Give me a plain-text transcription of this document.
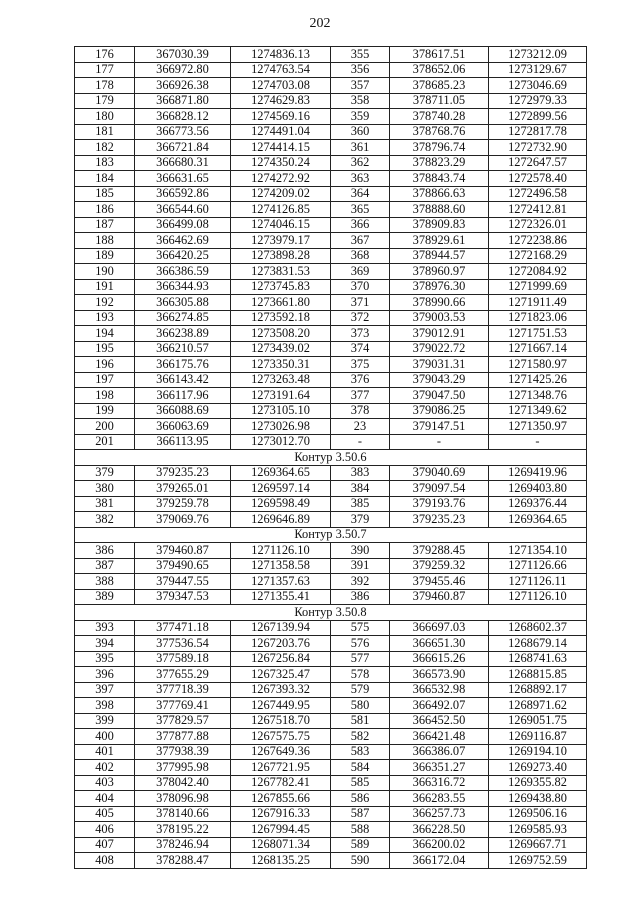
202
176	367030.39	1274836.13	355	378617.51	1273212.09
177	366972.80	1274763.54	356	378652.06	1273129.67
178	366926.38	1274703.08	357	378685.23	1273046.69
179	366871.80	1274629.83	358	378711.05	1272979.33
180	366828.12	1274569.16	359	378740.28	1272899.56
181	366773.56	1274491.04	360	378768.76	1272817.78
182	366721.84	1274414.15	361	378796.74	1272732.90
183	366680.31	1274350.24	362	378823.29	1272647.57
184	366631.65	1274272.92	363	378843.74	1272578.40
185	366592.86	1274209.02	364	378866.63	1272496.58
186	366544.60	1274126.85	365	378888.60	1272412.81
187	366499.08	1274046.15	366	378909.83	1272326.01
188	366462.69	1273979.17	367	378929.61	1272238.86
189	366420.25	1273898.28	368	378944.57	1272168.29
190	366386.59	1273831.53	369	378960.97	1272084.92
191	366344.93	1273745.83	370	378976.30	1271999.69
192	366305.88	1273661.80	371	378990.66	1271911.49
193	366274.85	1273592.18	372	379003.53	1271823.06
194	366238.89	1273508.20	373	379012.91	1271751.53
195	366210.57	1273439.02	374	379022.72	1271667.14
196	366175.76	1273350.31	375	379031.31	1271580.97
197	366143.42	1273263.48	376	379043.29	1271425.26
198	366117.96	1273191.64	377	379047.50	1271348.76
199	366088.69	1273105.10	378	379086.25	1271349.62
200	366063.69	1273026.98	23	379147.51	1271350.97
201	366113.95	1273012.70	-	-	-
Контур 3.50.6					
379	379235.23	1269364.65	383	379040.69	1269419.96
380	379265.01	1269597.14	384	379097.54	1269403.80
381	379259.78	1269598.49	385	379193.76	1269376.44
382	379069.76	1269646.89	379	379235.23	1269364.65
Контур 3.50.7					
386	379460.87	1271126.10	390	379288.45	1271354.10
387	379490.65	1271358.58	391	379259.32	1271126.66
388	379447.55	1271357.63	392	379455.46	1271126.11
389	379347.53	1271355.41	386	379460.87	1271126.10
Контур 3.50.8					
393	377471.18	1267139.94	575	366697.03	1268602.37
394	377536.54	1267203.76	576	366651.30	1268679.14
395	377589.18	1267256.84	577	366615.26	1268741.63
396	377655.29	1267325.47	578	366573.90	1268815.85
397	377718.39	1267393.32	579	366532.98	1268892.17
398	377769.41	1267449.95	580	366492.07	1268971.62
399	377829.57	1267518.70	581	366452.50	1269051.75
400	377877.88	1267575.75	582	366421.48	1269116.87
401	377938.39	1267649.36	583	366386.07	1269194.10
402	377995.98	1267721.95	584	366351.27	1269273.40
403	378042.40	1267782.41	585	366316.72	1269355.82
404	378096.98	1267855.66	586	366283.55	1269438.80
405	378140.66	1267916.33	587	366257.73	1269506.16
406	378195.22	1267994.45	588	366228.50	1269585.93
407	378246.94	1268071.34	589	366200.02	1269667.71
408	378288.47	1268135.25	590	366172.04	1269752.59
